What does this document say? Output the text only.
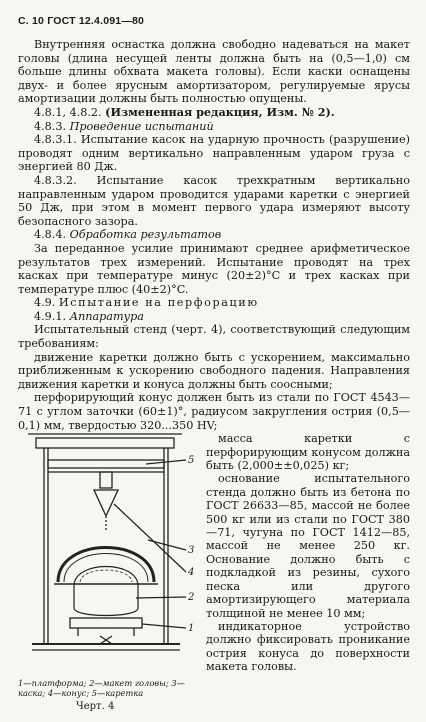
С. 10 ГОСТ 12.4.091—80

Внутренняя оснастка должна свободно надеваться на макет головы (длина несущей ленты должна быть на (0,5—1,0) см больше длины обхвата макета головы). Если каски оснащены двух- и более ярусным амортизатором, регулируемые ярусы амортизации должны быть полностью опущены.

4.8.1, 4.8.2. (Измененная редакция, Изм. № 2).

4.8.3. Проведение испытаний

4.8.3.1. Испытание касок на ударную прочность (разрушение) проводят одним вертикально направленным ударом груза с энергией 80 Дж.

4.8.3.2. Испытание касок трехкратным вертикально направленным ударом проводится ударами каретки с энергией 50 Дж, при этом в момент первого удара измеряют высоту безопасного зазора.

4.8.4. Обработка результатов

За переданное усилие принимают среднее арифметическое результатов трех измерений. Испытание проводят на трех касках при температуре минус (20±2)°C и трех касках при температуре плюс (40±2)°C.

4.9. Испытание на перфорацию

4.9.1. Аппаратура

Испытательный стенд (черт. 4), соответствующий следующим требованиям:

движение каретки должно быть с ускорением, максимально приближенным к ускорению свободного падения. Направления движения каретки и конуса должны быть соосными;

перфорирующий конус должен быть из стали по ГОСТ 4543—71 с углом заточки (60±1)°, радиусом закругления острия (0,5—0,1) мм, твердостью 320...350 HV;

5
3
4
2
1
1—платформа; 2—макет головы; 3—каска; 4—конус; 5—каретка
Черт. 4

масса каретки с перфорирующим конусом должна быть (2,000±±0,025) кг;

основание испытательного стенда должно быть из бетона по ГОСТ 26633—85, массой не более 500 кг или из стали по ГОСТ 380—71, чугуна по ГОСТ 1412—85, массой не менее 250 кг. Основание должно быть с подкладкой из резины, сухого песка или другого амортизирующего материала толщиной не менее 10 мм;

индикаторное устройство должно фиксировать проникание острия конуса до поверхности макета головы.
